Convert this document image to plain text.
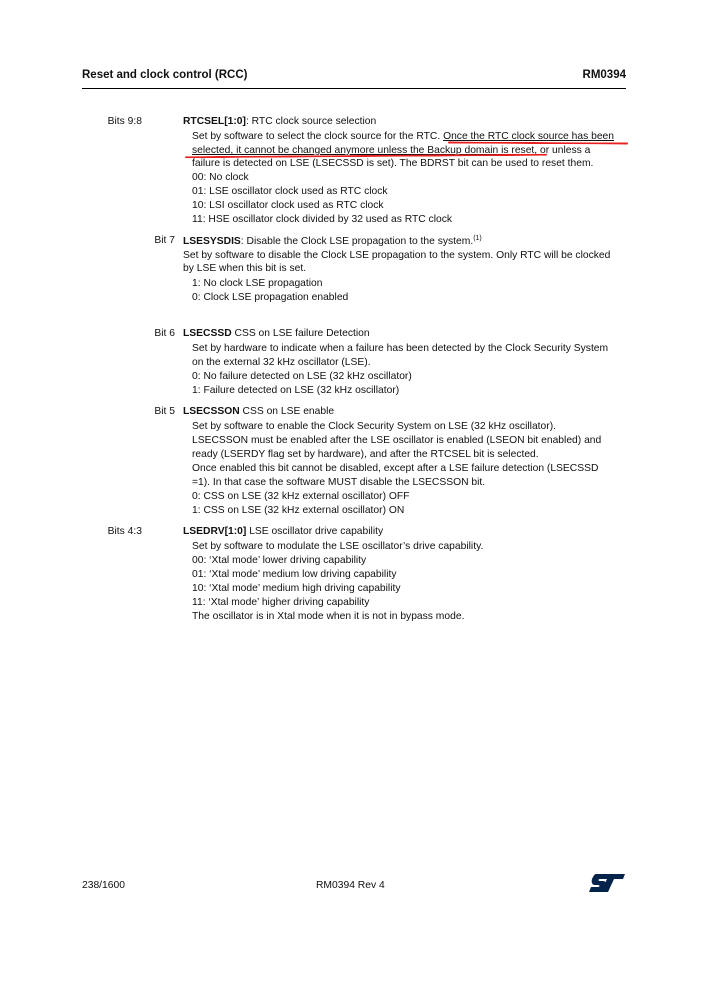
Reset and clock control (RCC)	RM0394
Bits 9:8	RTCSEL[1:0]: RTC clock source selection
Set by software to select the clock source for the RTC. Once the RTC clock source has been
selected, it cannot be changed anymore unless the Backup domain is reset, or unless a
failure is detected on LSE (LSECSSD is set). The BDRST bit can be used to reset them.
00: No clock
01: LSE oscillator clock used as RTC clock
10: LSI oscillator clock used as RTC clock
11: HSE oscillator clock divided by 32 used as RTC clock
Bit 7 LSESYSDIS: Disable the Clock LSE propagation to the system.$^{(1)}$
Set by software to disable the Clock LSE propagation to the system. Only RTC will be clocked
by LSE when this bit is set.
1: No clock LSE propagation
0: Clock LSE propagation enabled
Bit 6 LSECSSD CSS on LSE failure Detection
Set by hardware to indicate when a failure has been detected by the Clock Security System
on the external 32 kHz oscillator (LSE).
0: No failure detected on LSE (32 kHz oscillator)
1: Failure detected on LSE (32 kHz oscillator)
Bit 5 LSECSSON CSS on LSE enable
Set by software to enable the Clock Security System on LSE (32 kHz oscillator).
LSECSSON must be enabled after the LSE oscillator is enabled (LSEON bit enabled) and
ready (LSERDY flag set by hardware), and after the RTCSEL bit is selected.
Once enabled this bit cannot be disabled, except after a LSE failure detection (LSECSSD
=1). In that case the software MUST disable the LSECSSON bit.
0: CSS on LSE (32 kHz external oscillator) OFF
1: CSS on LSE (32 kHz external oscillator) ON
Bits 4:3	LSEDRV[1:0] LSE oscillator drive capability
Set by software to modulate the LSE oscillator’s drive capability.
00: ‘Xtal mode’ lower driving capability
01: ‘Xtal mode’ medium low driving capability
10: ‘Xtal mode’ medium high driving capability
11: ‘Xtal mode’ higher driving capability
The oscillator is in Xtal mode when it is not in bypass mode.
238/1600	RM0394 Rev 4
